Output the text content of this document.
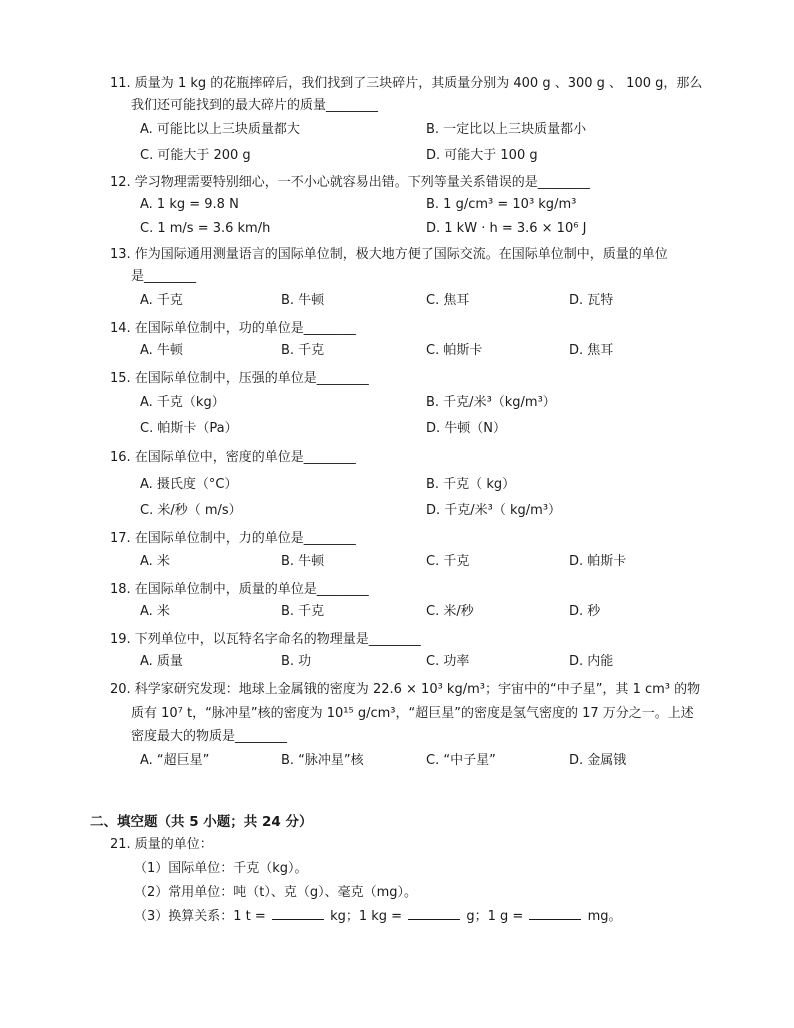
11. 质量为 1 kg 的花瓶摔碎后，我们找到了三块碎片，其质量分别为 400 g 、300 g 、 100 g，那么
我们还可能找到的最大碎片的质量________
A. 可能比以上三块质量都大	B. 一定比以上三块质量都小
C. 可能大于 200 g	D. 可能大于 100 g
12. 学习物理需要特别细心，一不小心就容易出错。下列等量关系错误的是________
A. 1 kg = 9.8 N	B. 1 g/cm³ = 10³ kg/m³
C. 1 m/s = 3.6 km/h	D. 1 kW · h = 3.6 × 10⁶ J
13. 作为国际通用测量语言的国际单位制，极大地方便了国际交流。在国际单位制中，质量的单位
是________
A. 千克	B. 牛顿	C. 焦耳	D. 瓦特
14. 在国际单位制中，功的单位是________
A. 牛顿	B. 千克	C. 帕斯卡	D. 焦耳
15. 在国际单位制中，压强的单位是________
A. 千克（kg）	B. 千克/米³（kg/m³）
C. 帕斯卡（Pa）	D. 牛顿（N）
16. 在国际单位中，密度的单位是________
A. 摄氏度（°C）	B. 千克（ kg）
C. 米/秒（ m/s）	D. 千克/米³（ kg/m³）
17. 在国际单位制中，力的单位是________
A. 米	B. 牛顿	C. 千克	D. 帕斯卡
18. 在国际单位制中，质量的单位是________
A. 米	B. 千克	C. 米/秒	D. 秒
19. 下列单位中，以瓦特名字命名的物理量是________
A. 质量	B. 功	C. 功率	D. 内能
20. 科学家研究发现：地球上金属锇的密度为 22.6 × 10³ kg/m³；宇宙中的“中子星”，其 1 cm³ 的物
质有 10⁷ t，“脉冲星”核的密度为 10¹⁵ g/cm³，“超巨星”的密度是氢气密度的 17 万分之一。上述
密度最大的物质是________
A. “超巨星”	B. “脉冲星”核	C. “中子星”	D. 金属锇
二、填空题（共 5 小题；共 24 分）
21. 质量的单位：
（1）国际单位：千克（kg）。
（2）常用单位：吨（t）、克（g）、毫克（mg）。
（3）换算关系：1 t =	kg；1 kg =	g；1 g =	mg。
